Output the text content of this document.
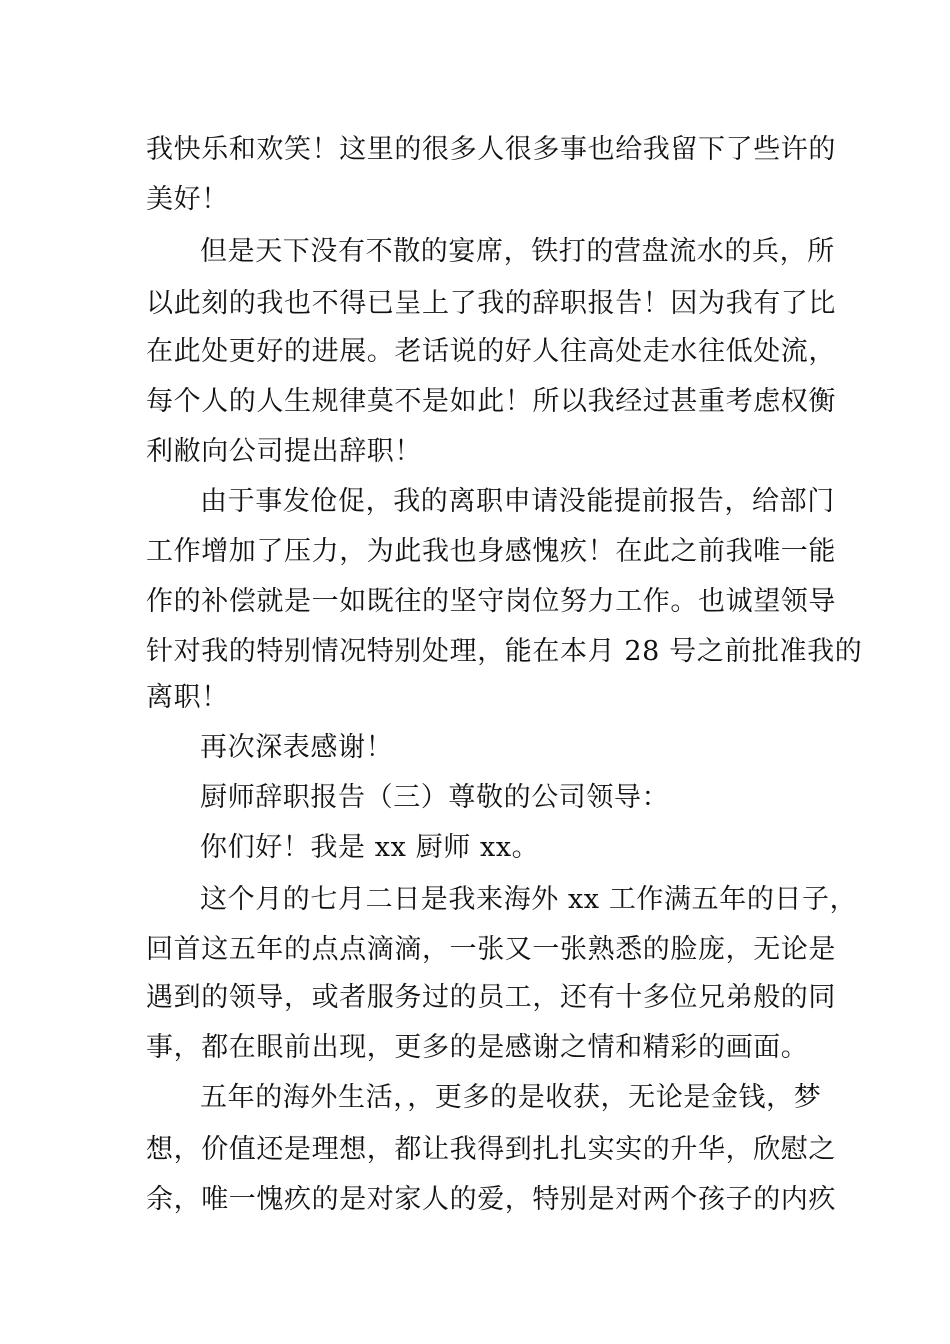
我快乐和欢笑！这里的很多人很多事也给我留下了些许的
美好！
但是天下没有不散的宴席，铁打的营盘流水的兵，所
以此刻的我也不得已呈上了我的辞职报告！因为我有了比
在此处更好的进展。老话说的好人往高处走水往低处流，
每个人的人生规律莫不是如此！所以我经过甚重考虑权衡
利敝向公司提出辞职！
由于事发伧促，我的离职申请没能提前报告，给部门
工作增加了压力，为此我也身感愧疚！在此之前我唯一能
作的补偿就是一如既往的坚守岗位努力工作。也诚望领导
针对我的特别情况特别处理，能在本月 28 号之前批准我的
离职！
再次深表感谢！
厨师辞职报告（三）尊敬的公司领导：
你们好！我是 xx 厨师 xx。
这个月的七月二日是我来海外 xx 工作满五年的日子，
回首这五年的点点滴滴，一张又一张熟悉的脸庞，无论是
遇到的领导，或者服务过的员工，还有十多位兄弟般的同
事，都在眼前出现，更多的是感谢之情和精彩的画面。
五年的海外生活，，更多的是收获，无论是金钱，梦
想，价值还是理想，都让我得到扎扎实实的升华，欣慰之
余，唯一愧疚的是对家人的爱，特别是对两个孩子的内疚
